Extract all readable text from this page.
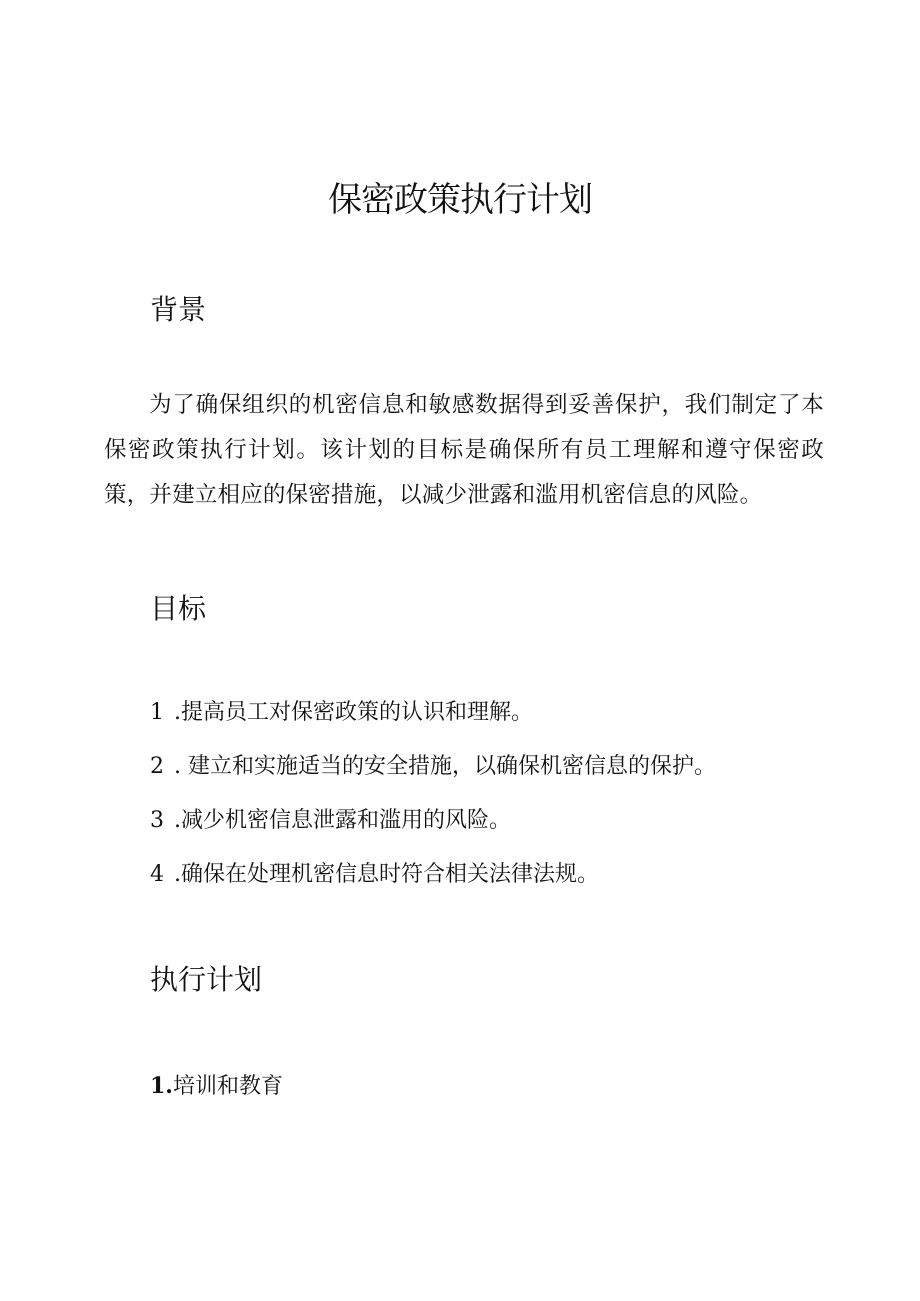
保密政策执行计划
背景

为了确保组织的机密信息和敏感数据得到妥善保护，我们制定了本保密政策执行计划。该计划的目标是确保所有员工理解和遵守保密政策，并建立相应的保密措施，以减少泄露和滥用机密信息的风险。

目标
1 .提高员工对保密政策的认识和理解。
2 . 建立和实施适当的安全措施，以确保机密信息的保护。
3 .减少机密信息泄露和滥用的风险。
4 .确保在处理机密信息时符合相关法律法规。
执行计划
1.培训和教育
